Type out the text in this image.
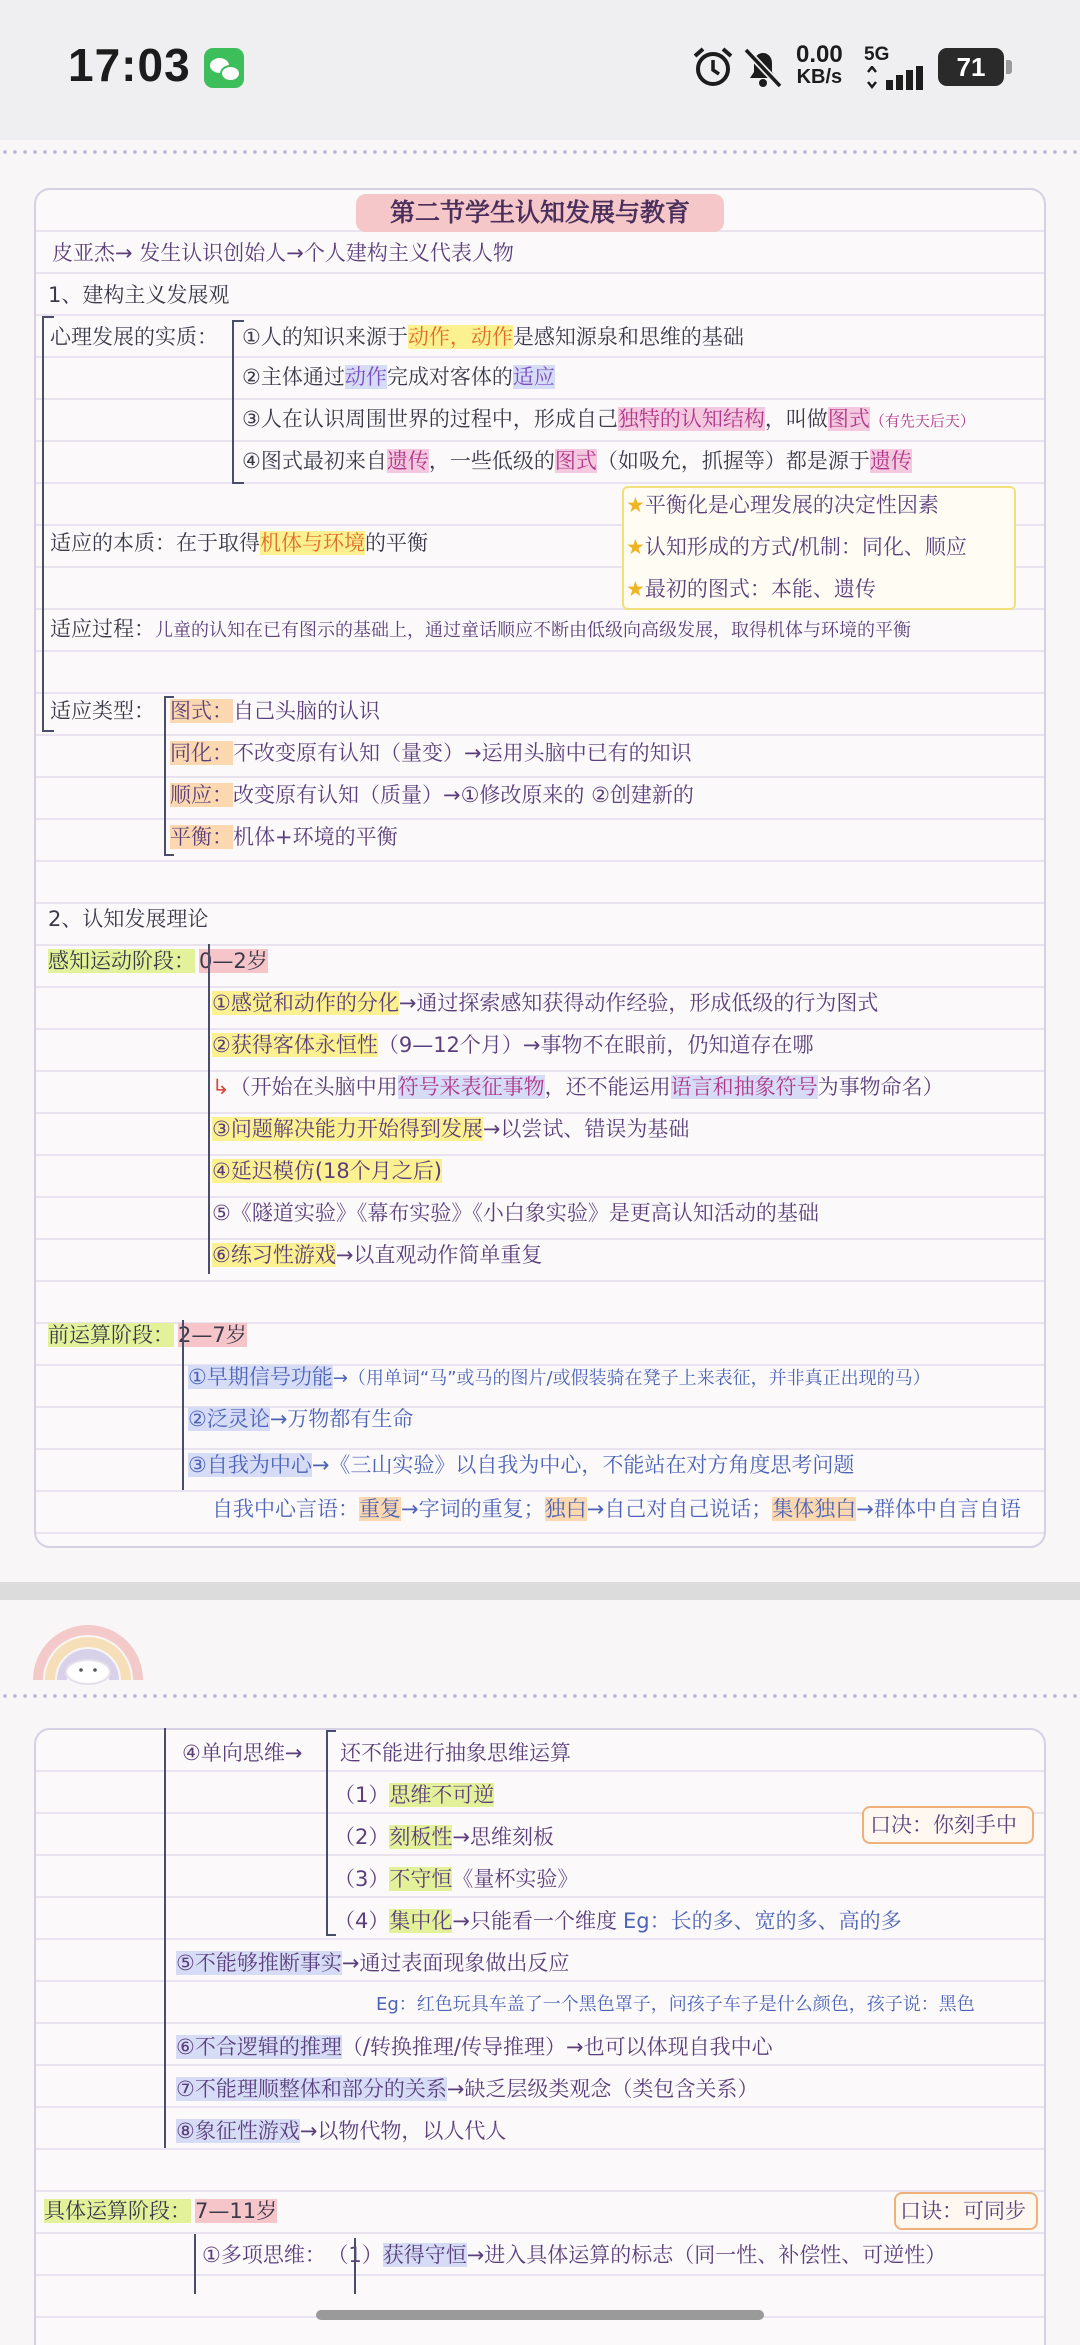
17:03	0.00
KB/s
5G	71
第二节学生认知发展与教育
皮亚杰→ 发生认识创始人→个人建构主义代表人物
1、建构主义发展观
心理发展的实质： ①人的知识来源于动作，动作是感知源泉和思维的基础
②主体通过动作完成对客体的适应
③人在认识周围世界的过程中，形成自己独特的认知结构，叫做图式（有先天后天）
④图式最初来自遗传，一些低级的图式（如吸允，抓握等）都是源于遗传
★平衡化是心理发展的决定性因素
★认知形成的方式/机制：同化、顺应
★最初的图式：本能、遗传
适应的本质：在于取得机体与环境的平衡
适应过程：儿童的认知在已有图示的基础上，通过童话顺应不断由低级向高级发展，取得机体与环境的平衡
适应类型： 图式：自己头脑的认识
同化：不改变原有认知（量变）→运用头脑中已有的知识
顺应：改变原有认知（质量）→①修改原来的 ②创建新的
平衡：机体+环境的平衡
2、认知发展理论
感知运动阶段： 0—2岁
①感觉和动作的分化→通过探索感知获得动作经验，形成低级的行为图式
②获得客体永恒性（9—12个月）→事物不在眼前，仍知道存在哪
↳（开始在头脑中用符号来表征事物，还不能运用语言和抽象符号为事物命名）
③问题解决能力开始得到发展→以尝试、错误为基础
④延迟模仿(18个月之后)
⑤《隧道实验》《幕布实验》《小白象实验》是更高认知活动的基础
⑥练习性游戏→以直观动作简单重复
前运算阶段： 2—7岁
①早期信号功能→（用单词“马”或马的图片/或假装骑在凳子上来表征，并非真正出现的马）
②泛灵论→万物都有生命
③自我为中心→《三山实验》以自我为中心，不能站在对方角度思考问题
自我中心言语：重复→字词的重复；独白→自己对自己说话；集体独白→群体中自言自语
④单向思维→ 还不能进行抽象思维运算
（1）思维不可逆
（2）刻板性→思维刻板
（3）不守恒《量杯实验》
（4）集中化→只能看一个维度 Eg：长的多、宽的多、高的多
口决：你刻手中
⑤不能够推断事实→通过表面现象做出反应
Eg：红色玩具车盖了一个黑色罩子，问孩子车子是什么颜色，孩子说：黑色
⑥不合逻辑的推理（/转换推理/传导推理）→也可以体现自我中心
⑦不能理顺整体和部分的关系→缺乏层级类观念（类包含关系）
⑧象征性游戏→以物代物，以人代人
具体运算阶段： 7—11岁	口诀：可同步
①多项思维： （1）获得守恒→进入具体运算的标志（同一性、补偿性、可逆性）
